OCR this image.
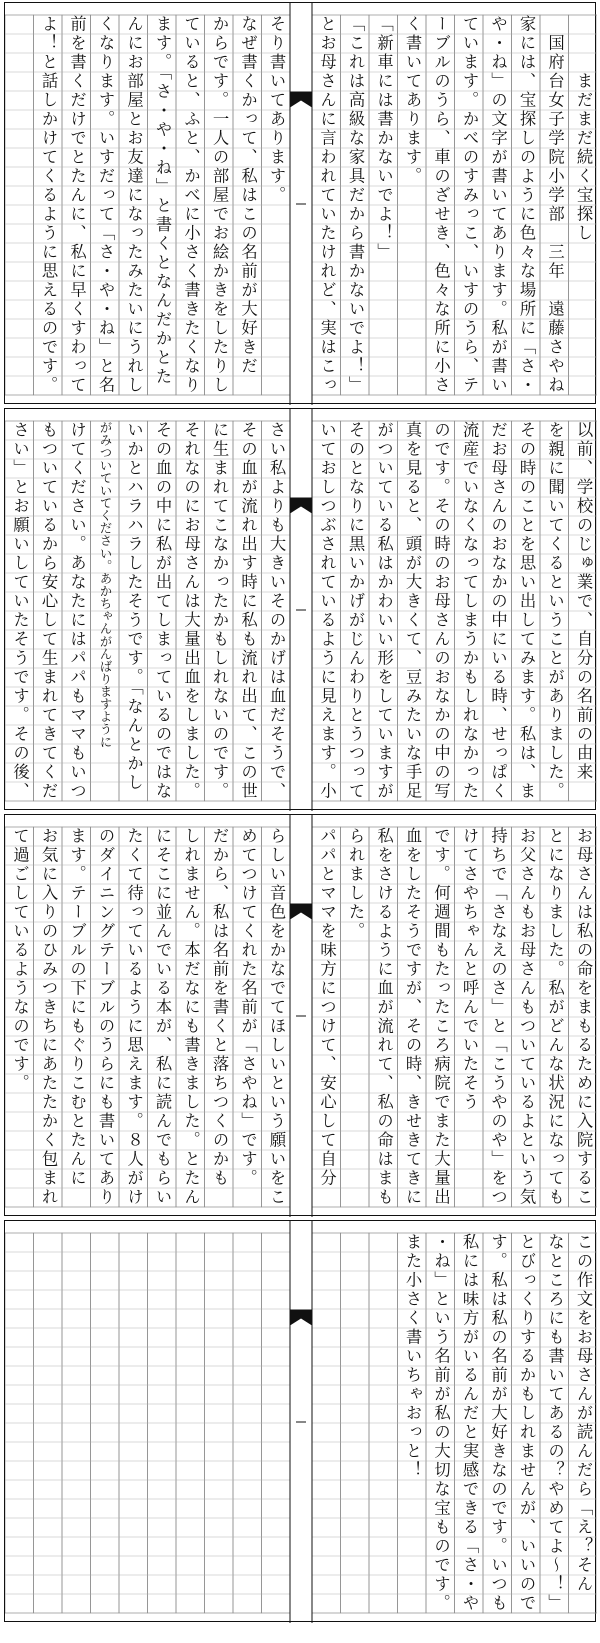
まだまだ続く宝探し
国府台女子学院小学部　三年　遠藤さやね
家には、宝探しのように色々な場所に「さ・
や・ね」の文字が書いてあります。私が書い
ています。かべのすみっこ、いすのうら、テ
ーブルのうら、車のざせき、色々な所に小さ
く書いてあります。
「新車には書かないでよ！」
「これは高級な家具だから書かないでよ！」
とお母さんに言われていたけれど、実はこっ
そり書いてあります。
なぜ書くかって、私はこの名前が大好きだ
からです。一人の部屋でお絵かきをしたりし
ていると、ふと、かべに小さく書きたくなり
ます。「さ・や・ね」と書くとなんだかとた
んにお部屋とお友達になったみたいにうれし
くなります。いすだって「さ・や・ね」と名
前を書くだけでとたんに、私に早くすわって
よ！と話しかけてくるように思えるのです。
以前、学校のじゅ業で、自分の名前の由来
を親に聞いてくるということがありました。
その時のことを思い出してみます。私は、ま
だお母さんのおなかの中にいる時、せっぱく
流産でいなくなってしまうかもしれなかった
のです。その時のお母さんのおなかの中の写
真を見ると、頭が大きくて、豆みたいな手足
がついている私はかわいい形をしていますが
そのとなりに黒いかげがじんわりとうつって
いておしつぶされているように見えます。小
さい私よりも大きいそのかげは血だそうで、
その血が流れ出す時に私も流れ出て、この世
に生まれてこなかったかもしれないのです。
それなのにお母さんは大量出血をしました。
その血の中に私が出てしまっているのではな
いかとハラハラしたそうです。「なんとかし
がみついていてください。あかちゃんがんばりますように
けてください。あなたにはパパもママもいつ
もついているから安心して生まれてきてくだ
さい」とお願いしていたそうです。その後、
お母さんは私の命をまもるために入院するこ
とになりました。私がどんな状況になっても
お父さんもお母さんもついているよという気
持ちで「さなえのさ」と「こうやのや」をつ
けてさやちゃんと呼んでいたそう
です。何週間もたったころ病院でまた大量出
血をしたそうですが、その時、きせきてきに
私をさけるように血が流れて、私の命はまも
られました。
パパとママを味方につけて、安心して自分
らしい音色をかなでてほしいという願いをこ
めてつけてくれた名前が「さやね」です。
だから、私は名前を書くと落ちつくのかも
しれません。本だなにも書きました。とたん
にそこに並んでいる本が、私に読んでもらい
たくて待っているように思えます。８人がけ
のダイニングテーブルのうらにも書いてあり
ます。テーブルの下にもぐりこむとたんに
お気に入りのひみつきちにあたたかく包まれ
て過ごしているようなのです。
この作文をお母さんが読んだら「え？そん
なところにも書いてあるの？やめてよ〜！」
とびっくりするかもしれませんが、いいので
す。私は私の名前が大好きなのです。いつも
私には味方がいるんだと実感できる「さ・や
・ね」という名前が私の大切な宝ものです。
また小さく書いちゃおっと！
